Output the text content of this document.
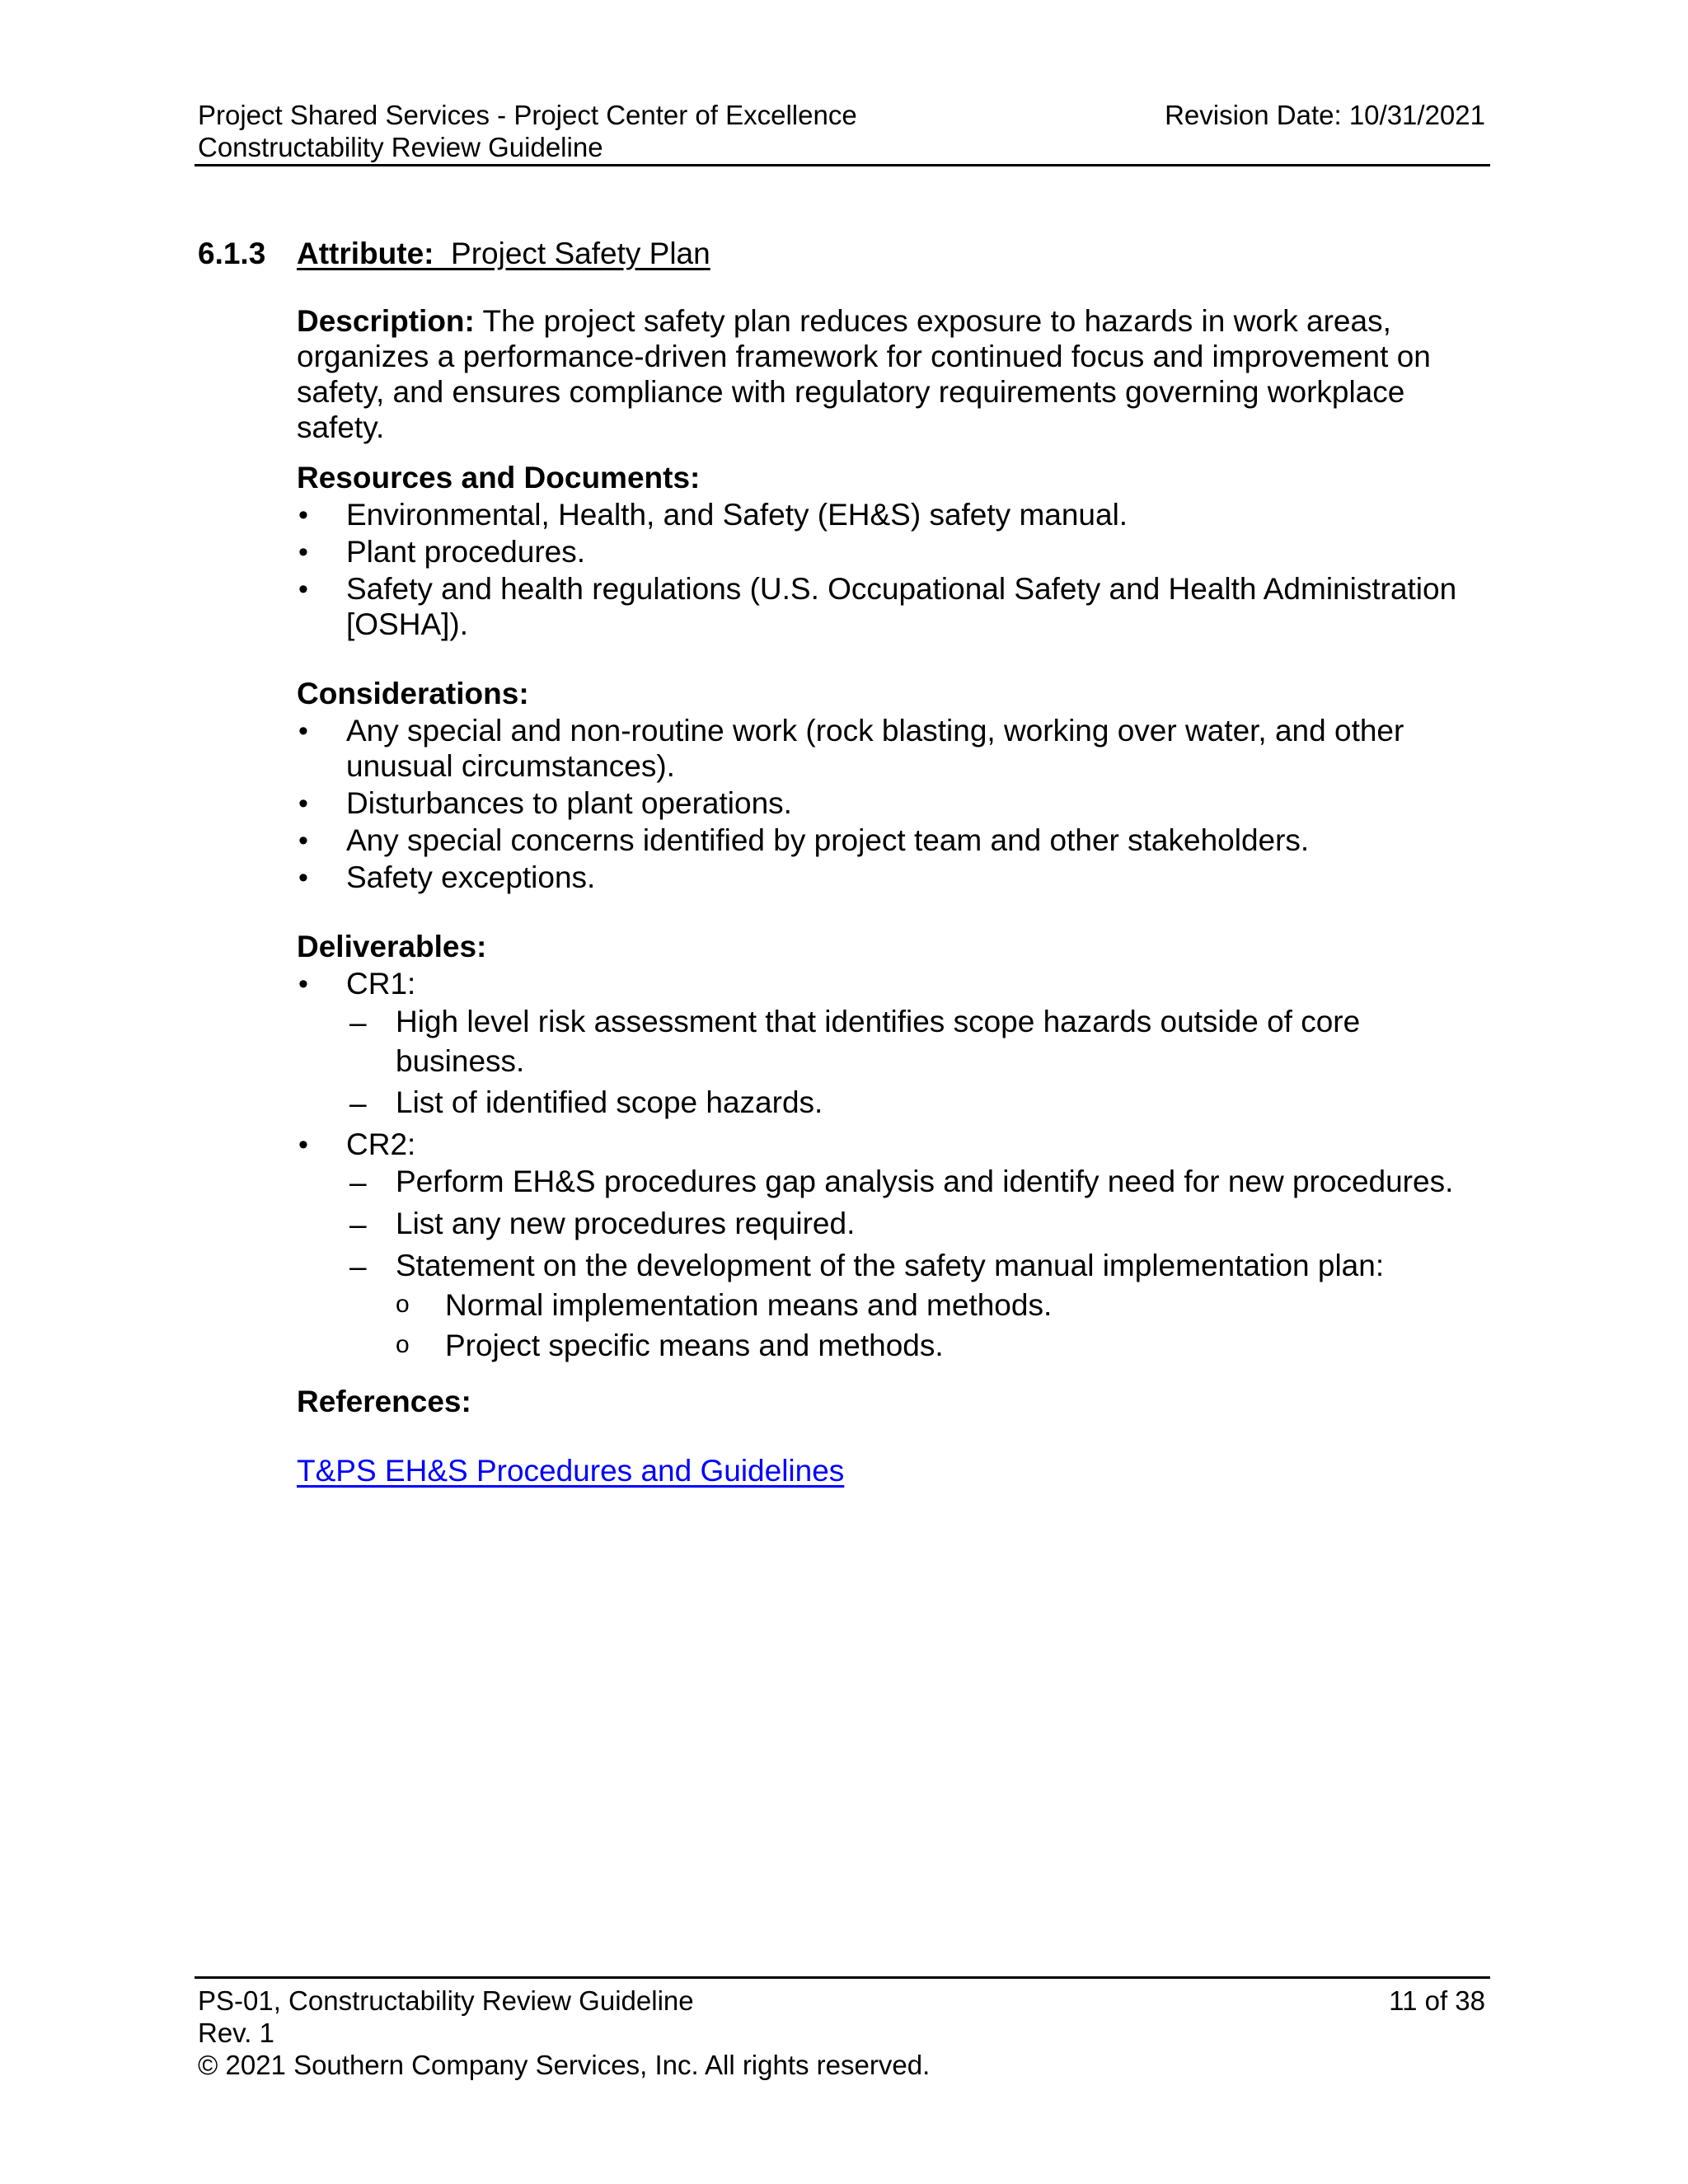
Project Shared Services - Project Center of Excellence
Constructability Review Guideline
Revision Date: 10/31/2021
6.1.3 Attribute: Project Safety Plan
Description: The project safety plan reduces exposure to hazards in work areas,
organizes a performance-driven framework for continued focus and improvement on
safety, and ensures compliance with regulatory requirements governing workplace
safety.
Resources and Documents:
• Environmental, Health, and Safety (EH&S) safety manual.
• Plant procedures.
• Safety and health regulations (U.S. Occupational Safety and Health Administration
[OSHA]).
Considerations:
• Any special and non-routine work (rock blasting, working over water, and other
unusual circumstances).
• Disturbances to plant operations.
• Any special concerns identified by project team and other stakeholders.
• Safety exceptions.
Deliverables:
• CR1:
– High level risk assessment that identifies scope hazards outside of core
business.
– List of identified scope hazards.
• CR2:
– Perform EH&S procedures gap analysis and identify need for new procedures.
– List any new procedures required.
– Statement on the development of the safety manual implementation plan:
o Normal implementation means and methods.
o Project specific means and methods.
References:
T&PS EH&S Procedures and Guidelines
PS-01, Constructability Review Guideline	11 of 38
Rev. 1
© 2021 Southern Company Services, Inc. All rights reserved.
